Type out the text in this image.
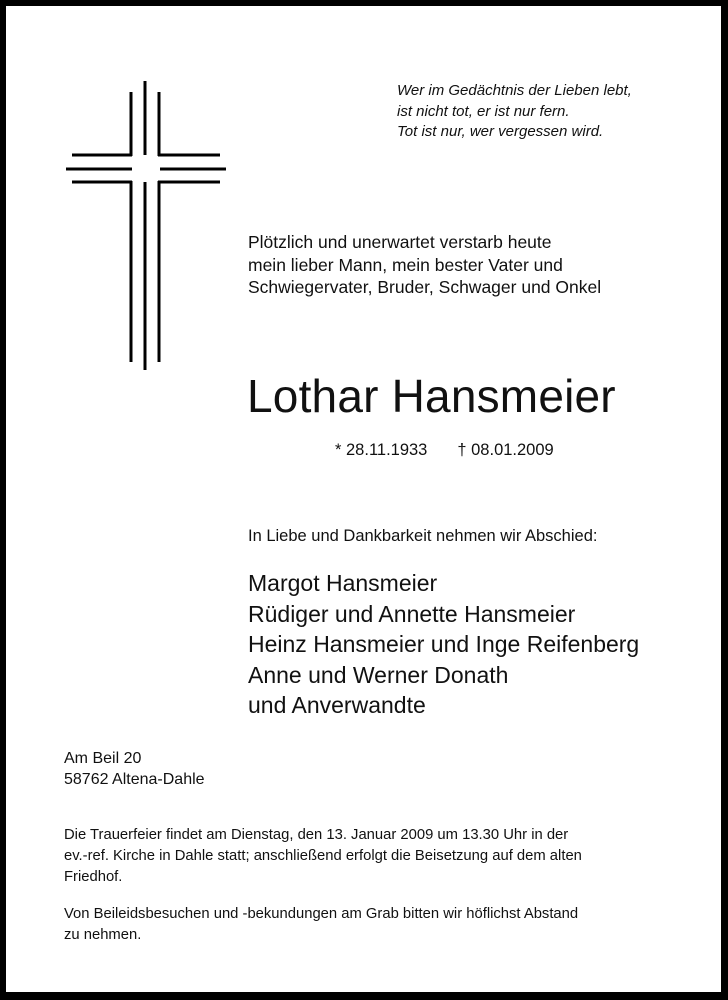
Wer im Gedächtnis der Lieben lebt,
ist nicht tot, er ist nur fern.
Tot ist nur, wer vergessen wird.
Plötzlich und unerwartet verstarb heute
mein lieber Mann, mein bester Vater und
Schwiegervater, Bruder, Schwager und Onkel
Lothar Hansmeier
* 28.11.1933 † 08.01.2009
In Liebe und Dankbarkeit nehmen wir Abschied:
Margot Hansmeier
Rüdiger und Annette Hansmeier
Heinz Hansmeier und Inge Reifenberg
Anne und Werner Donath
und Anverwandte
Am Beil 20
58762 Altena-Dahle
Die Trauerfeier findet am Dienstag, den 13. Januar 2009 um 13.30 Uhr in der
ev.-ref. Kirche in Dahle statt; anschließend erfolgt die Beisetzung auf dem alten
Friedhof.
Von Beileidsbesuchen und -bekundungen am Grab bitten wir höflichst Abstand
zu nehmen.
